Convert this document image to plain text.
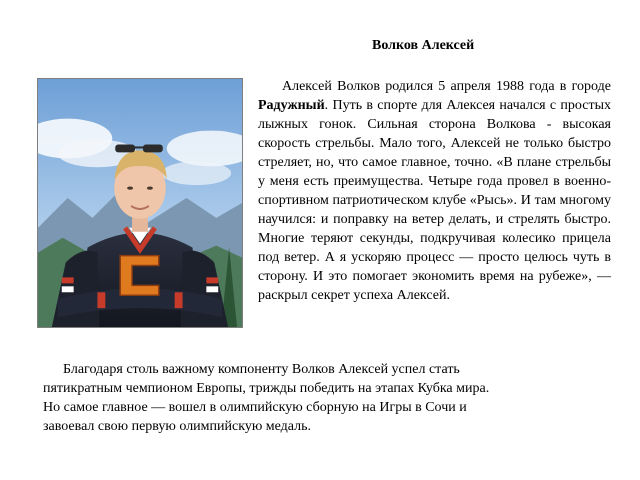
Волков Алексей

Алексей Волков родился 5 апреля 1988 года в городе Радужный. Путь в спорте для Алексея начался с простых лыжных гонок. Сильная сторона Волкова - высокая скорость стрельбы. Мало того, Алексей не только быстро стреляет, но, что самое главное, точно. «В плане стрельбы у меня есть преимущества. Четыре года провел в военно-спортивном патриотическом клубе «Рысь». И там многому научился: и поправку на ветер делать, и стрелять быстро. Многие теряют секунды, подкручивая колесико прицела под ветер. А я ускоряю процесс — просто целюсь чуть в сторону. И это помогает экономить время на рубеже», — раскрыл секрет успеха Алексей.

Благодаря столь важному компоненту Волков Алексей успел стать
пятикратным чемпионом Европы, трижды победить на этапах Кубка мира.
Но самое главное — вошел в олимпийскую сборную на Игры в Сочи и
завоевал свою первую олимпийскую медаль.
